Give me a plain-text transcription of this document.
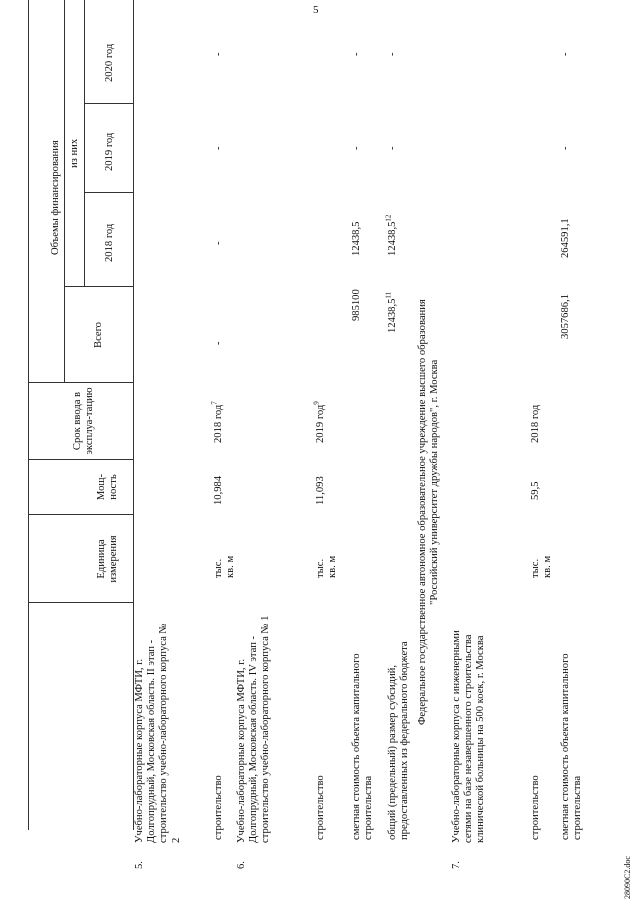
5
Единица измерения
Мощ-ность
Срок ввода в эксплуа-тацию
Объемы финансирования
Всего
из них
2018 год
2019 год
2020 год
5.
Учебно-лабораторные корпуса МФТИ, г. Долгопрудный, Московская область. II этап - строительство учебно-лабораторного корпуса № 2
строительство
тыс. кв. м
10,984
2018 год$^7$
-
-
-
-
6.
Учебно-лабораторные корпуса МФТИ, г. Долгопрудный, Московская область. IV этап - строительство учебно-лабораторного корпуса № 1	строительство
тыс. кв. м
11,093
2019 год$^9$
сметная стоимость объекта капитального строительства
985100
12438,5
-
-
общий (предельный) размер субсидий, предоставленных из федерального бюджета
12438,5$^{11}$
12438,5$^{12}$
-
-
Федеральное государственное автономное образовательное учреждение высшего образования "Российский университет дружбы народов", г. Москва
7.
Учебно-лабораторные корпуса с инженерными сетями на базе незавершенного строительства клинической больницы на 500 коек, г. Москва	строительство
тыс. кв. м
59,5
2018 год
сметная стоимость объекта капитального строительства
3057686,1
264591,1
-
-
28090C2.doc
